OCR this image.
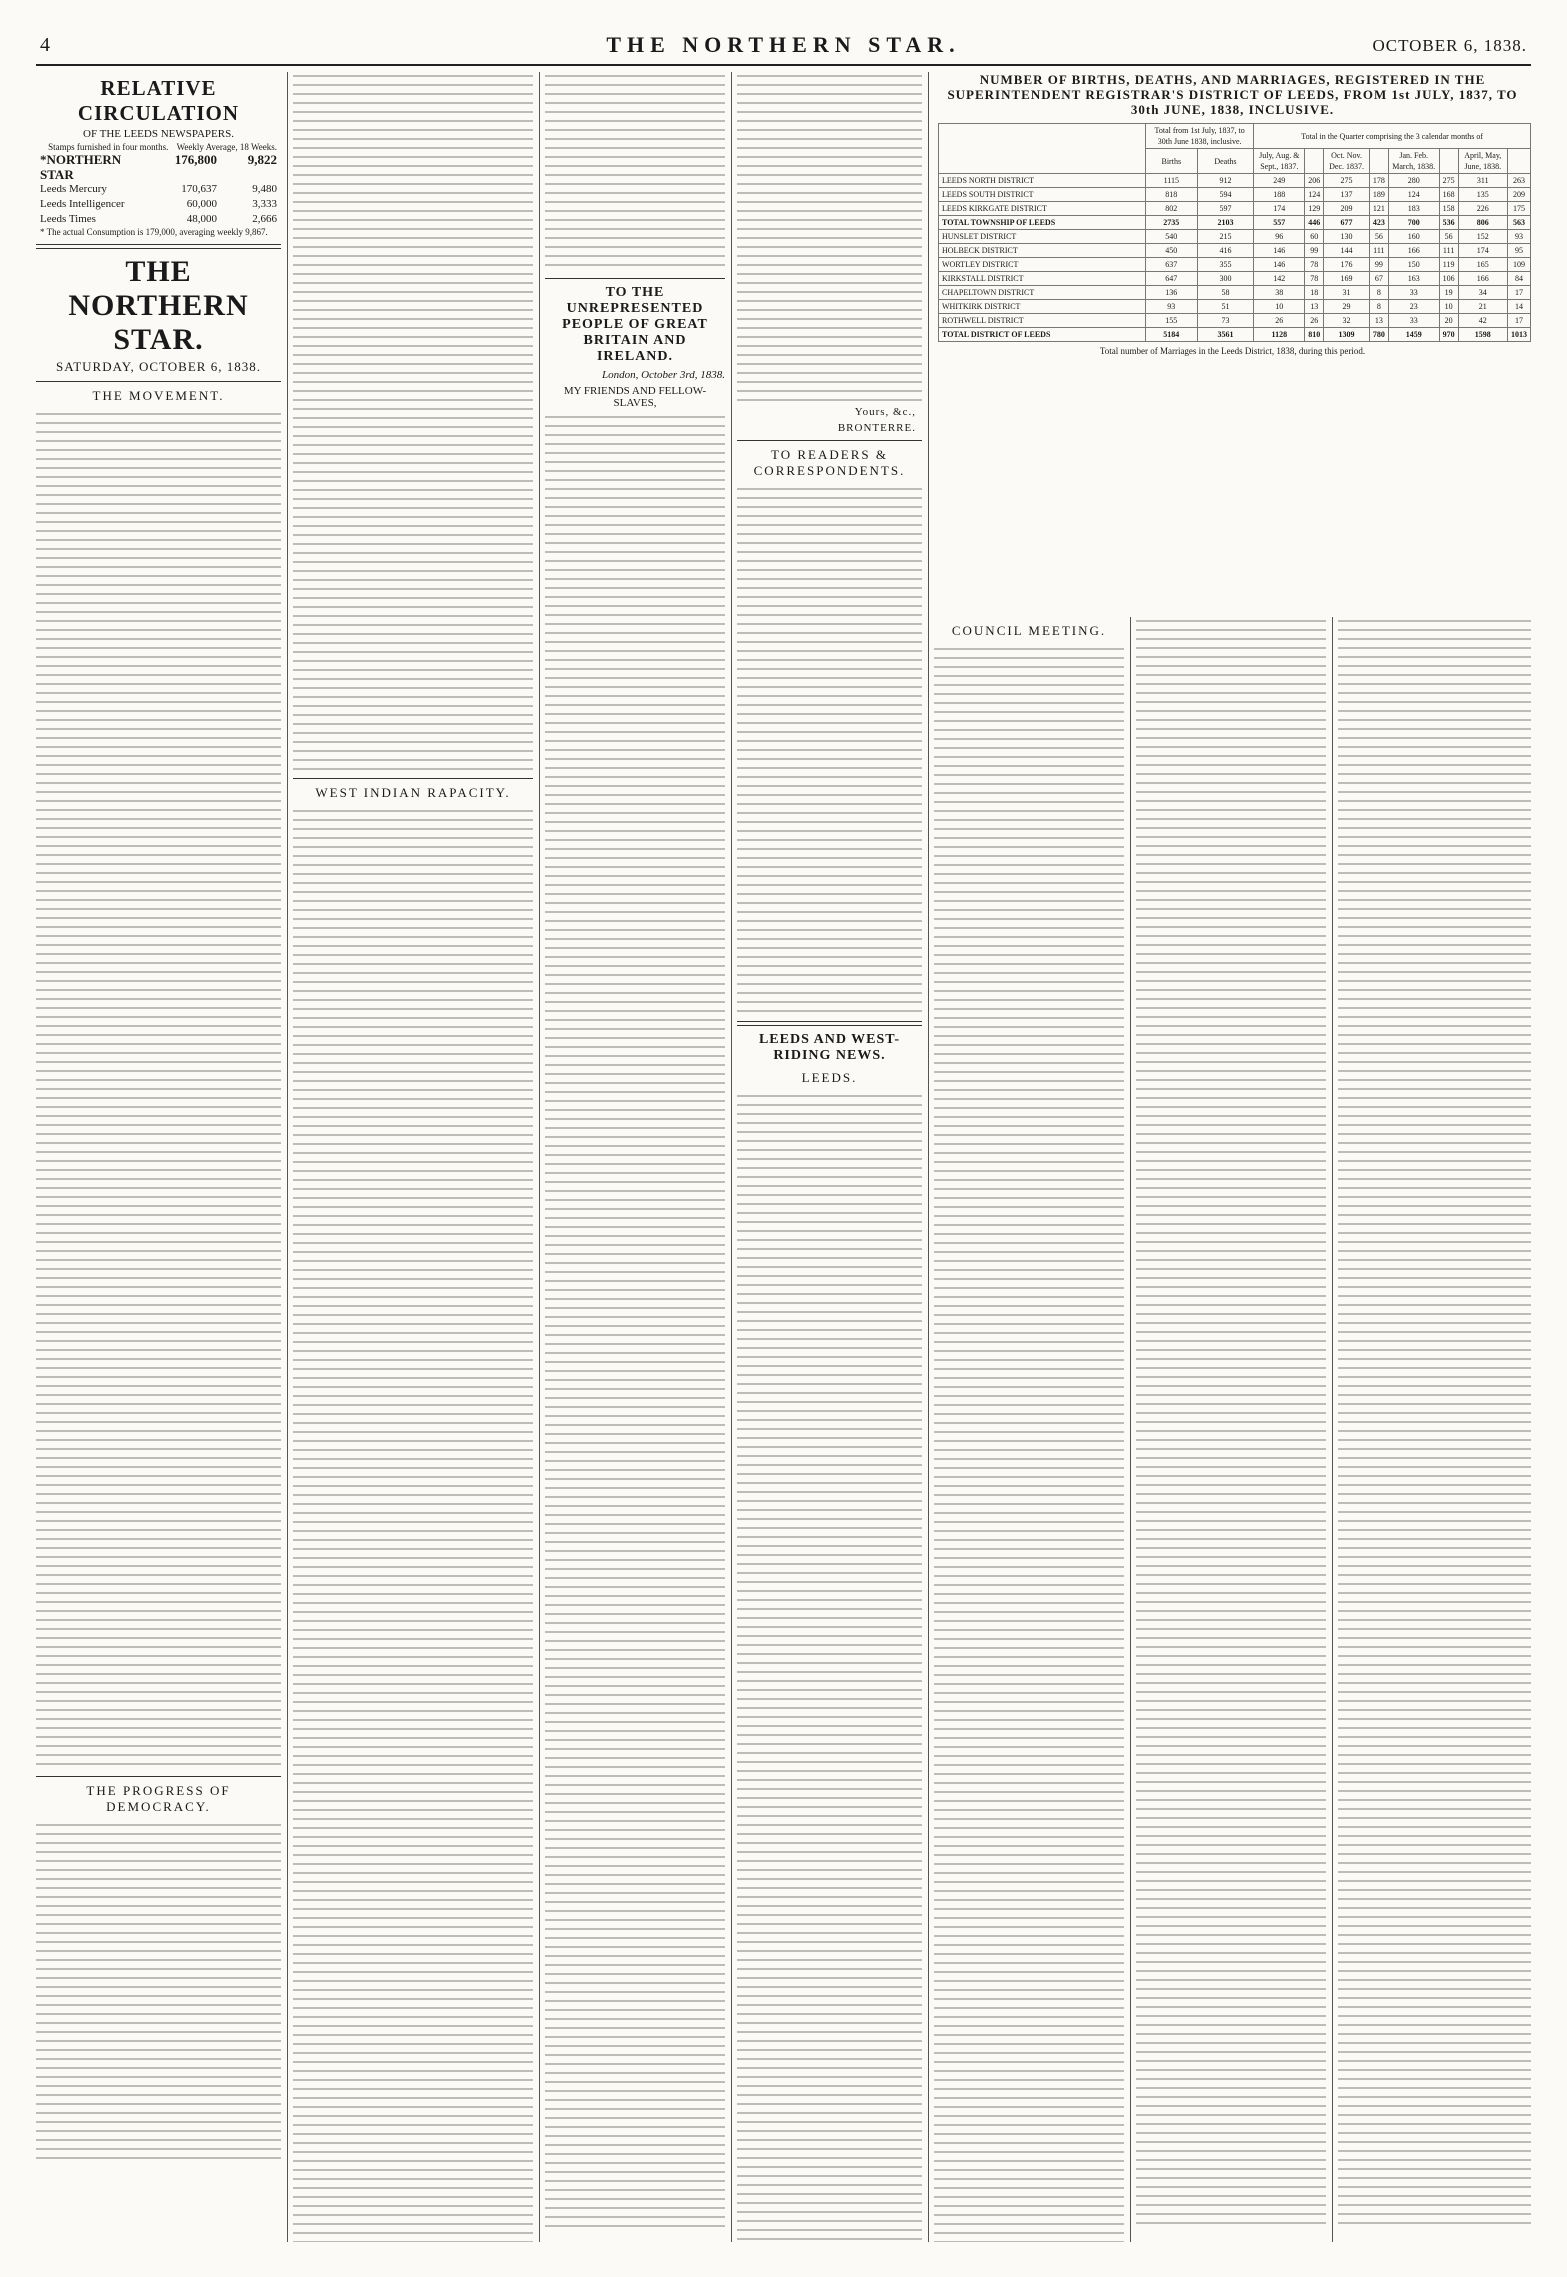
4	THE NORTHERN STAR.	OCTOBER 6, 1838.
RELATIVE CIRCULATION
OF THE LEEDS NEWSPAPERS.
Stamps furnished in four months. Weekly Average, 18 Weeks.
*NORTHERN STAR
176,800	9,822
Leeds Mercury	170,637	9,480
Leeds Intelligencer	60,000	3,333
Leeds Times	48,000	2,666
* The actual Consumption is 179,000, averaging weekly 9,867.
THE NORTHERN STAR.
SATURDAY, OCTOBER 6, 1838.
THE MOVEMENT.
THE PROGRESS OF DEMOCRACY.
WEST INDIAN RAPACITY.
TO THE UNREPRESENTED PEOPLE OF GREAT BRITAIN AND IRELAND.
London, October 3rd, 1838.
MY FRIENDS AND FELLOW-SLAVES,
Yours, &c.,
BRONTERRE.
TO READERS & CORRESPONDENTS.
LEEDS AND WEST-RIDING NEWS.
LEEDS.
NUMBER OF BIRTHS, DEATHS, AND MARRIAGES, REGISTERED IN THE SUPERINTENDENT REGISTRAR'S DISTRICT OF LEEDS, FROM 1st JULY, 1837, TO 30th JUNE, 1838, INCLUSIVE.
	Total from 1st July, 1837, to 30th June 1838, inclusive.		Total in the Quarter comprising the 3 calendar months of							
	Births	Deaths	July, Aug. & Sept., 1837.		Oct. Nov. Dec. 1837.		Jan. Feb. March, 1838.		April, May, June, 1838.	
LEEDS NORTH DISTRICT	1115	912	249	206	275	178	280	275	311	263
LEEDS SOUTH DISTRICT	818	594	188	124	137	189	124	168	135	209
LEEDS KIRKGATE DISTRICT	802	597	174	129	209	121	183	158	226	175
TOTAL TOWNSHIP OF LEEDS	2735	2103	557	446	677	423	700	536	806	563
HUNSLET DISTRICT	540	215	96	60	130	56	160	56	152	93
HOLBECK DISTRICT	450	416	146	99	144	111	166	111	174	95
WORTLEY DISTRICT	637	355	146	78	176	99	150	119	165	109
KIRKSTALL DISTRICT	647	300	142	78	169	67	163	106	166	84
CHAPELTOWN DISTRICT	136	58	38	18	31	8	33	19	34	17
WHITKIRK DISTRICT	93	51	10	13	29	8	23	10	21	14
ROTHWELL DISTRICT	155	73	26	26	32	13	33	20	42	17
TOTAL DISTRICT OF LEEDS	5184	3561	1128	810	1309	780	1459	970	1598	1013
Total number of Marriages in the Leeds District, 1838, during this period.
COUNCIL MEETING.
